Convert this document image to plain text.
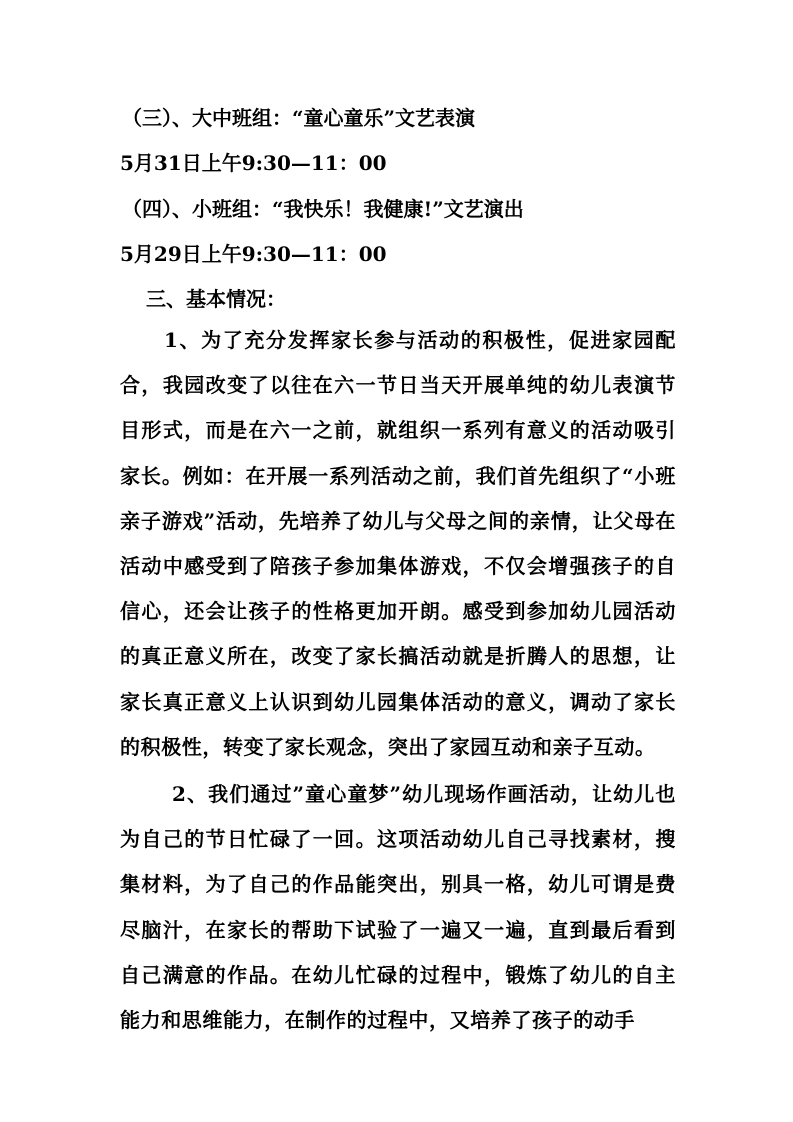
（三）、大中班组：“童心童乐”文艺表演

5月31日上午9:30—11：00

（四）、小班组：“我快乐！我健康!”文艺演出

5月29日上午9:30—11：00

三、基本情况：

1、为了充分发挥家长参与活动的积极性，促进家园配合，我园改变了以往在六一节日当天开展单纯的幼儿表演节目形式，而是在六一之前，就组织一系列有意义的活动吸引家长。例如：在开展一系列活动之前，我们首先组织了“小班亲子游戏”活动，先培养了幼儿与父母之间的亲情，让父母在活动中感受到了陪孩子参加集体游戏，不仅会增强孩子的自信心，还会让孩子的性格更加开朗。感受到参加幼儿园活动的真正意义所在，改变了家长搞活动就是折腾人的思想，让家长真正意义上认识到幼儿园集体活动的意义，调动了家长的积极性，转变了家长观念，突出了家园互动和亲子互动。

2、我们通过”童心童梦”幼儿现场作画活动，让幼儿也为自己的节日忙碌了一回。这项活动幼儿自己寻找素材，搜集材料，为了自己的作品能突出，别具一格，幼儿可谓是费尽脑汁，在家长的帮助下试验了一遍又一遍，直到最后看到自己满意的作品。在幼儿忙碌的过程中，锻炼了幼儿的自主能力和思维能力，在制作的过程中，又培养了孩子的动手
